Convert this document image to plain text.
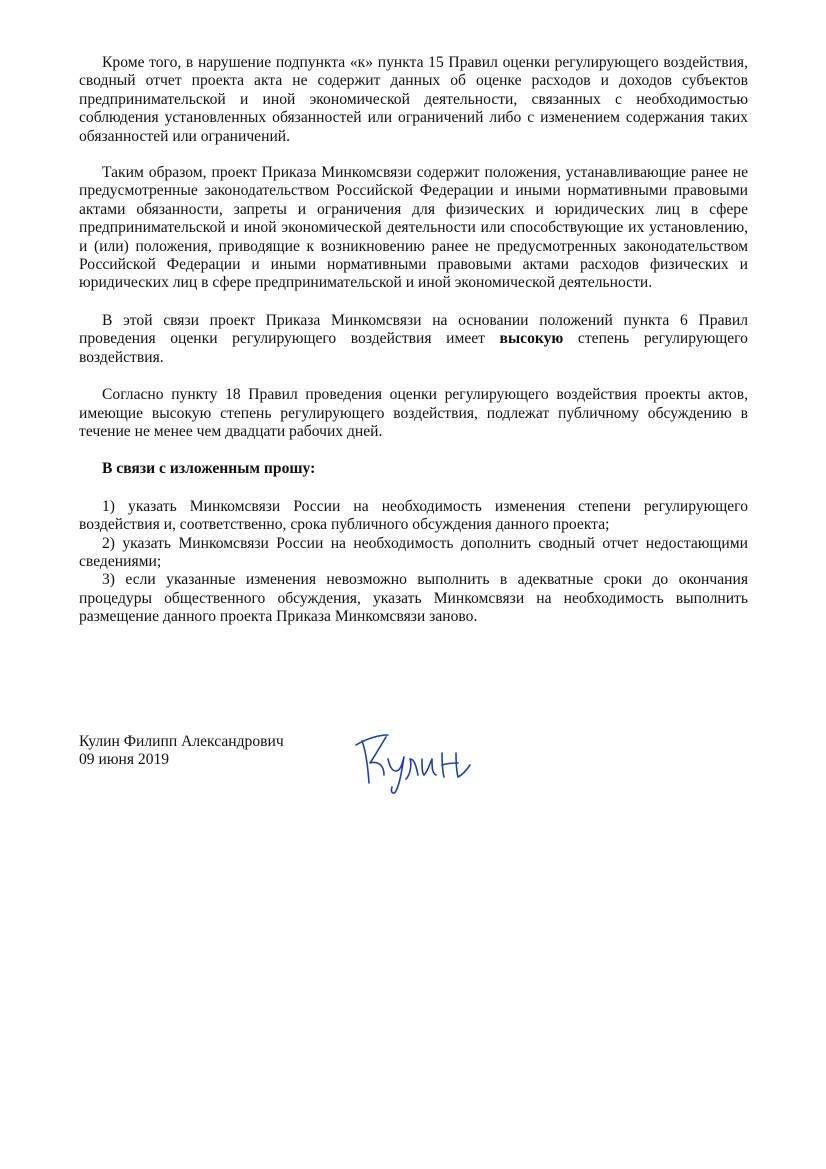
Кроме того, в нарушение подпункта «к» пункта 15 Правил оценки регулирующего воздействия, сводный отчет проекта акта не содержит данных об оценке расходов и доходов субъектов предпринимательской и иной экономической деятельности, связанных с необходимостью соблюдения установленных обязанностей или ограничений либо с изменением содержания таких обязанностей или ограничений.

Таким образом, проект Приказа Минкомсвязи содержит положения, устанавливающие ранее не предусмотренные законодательством Российской Федерации и иными нормативными правовыми актами обязанности, запреты и ограничения для физических и юридических лиц в сфере предпринимательской и иной экономической деятельности или способствующие их установлению, и (или) положения, приводящие к возникновению ранее не предусмотренных законодательством Российской Федерации и иными нормативными правовыми актами расходов физических и юридических лиц в сфере предпринимательской и иной экономической деятельности.

В этой связи проект Приказа Минкомсвязи на основании положений пункта 6 Правил проведения оценки регулирующего воздействия имеет высокую степень регулирующего воздействия.

Согласно пункту 18 Правил проведения оценки регулирующего воздействия проекты актов, имеющие высокую степень регулирующего воздействия, подлежат публичному обсуждению в течение не менее чем двадцати рабочих дней.

В связи с изложенным прошу:

1) указать Минкомсвязи России на необходимость изменения степени регулирующего воздействия и, соответственно, срока публичного обсуждения данного проекта;

2) указать Минкомсвязи России на необходимость дополнить сводный отчет недостающими сведениями;

3) если указанные изменения невозможно выполнить в адекватные сроки до окончания процедуры общественного обсуждения, указать Минкомсвязи на необходимость выполнить размещение данного проекта Приказа Минкомсвязи заново.

Кулин Филипп Александрович

09 июня 2019
